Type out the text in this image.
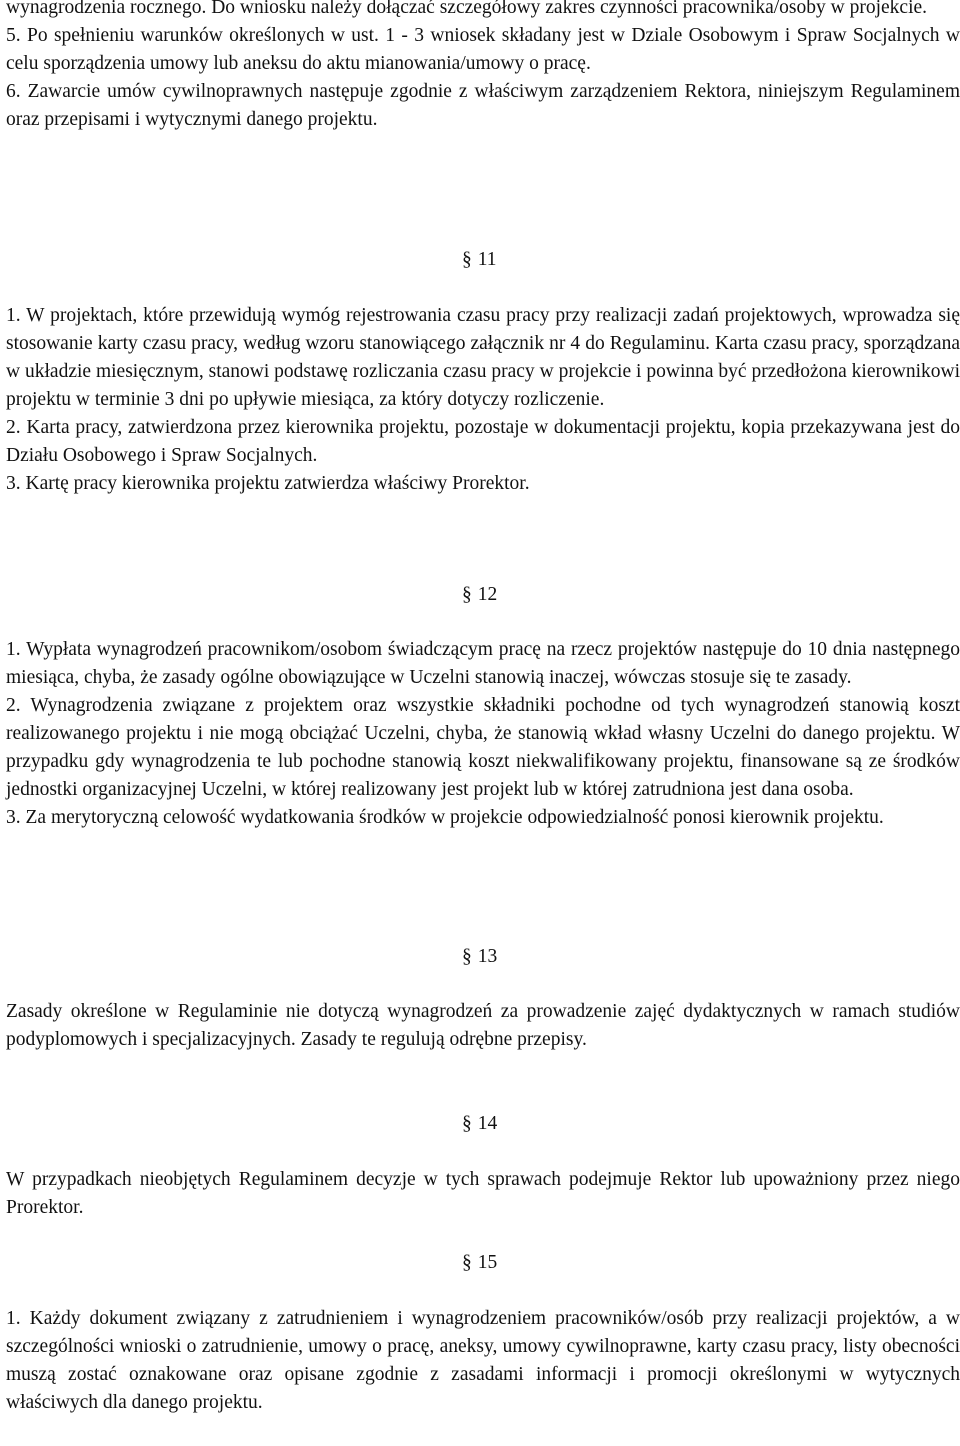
wynagrodzenia rocznego. Do wniosku należy dołączać szczegółowy zakres czynności pracownika/osoby w projekcie.

5. Po spełnieniu warunków określonych w ust. 1 - 3 wniosek składany jest w Dziale Osobowym i Spraw Socjalnych w celu sporządzenia umowy lub aneksu do aktu mianowania/umowy o pracę.

6. Zawarcie umów cywilnoprawnych następuje zgodnie z właściwym zarządzeniem Rektora, niniejszym Regulaminem oraz przepisami i wytycznymi danego projektu.

§ 11

1. W projektach, które przewidują wymóg rejestrowania czasu pracy przy realizacji zadań projektowych, wprowadza się stosowanie karty czasu pracy, według wzoru stanowiącego załącznik nr 4 do Regulaminu. Karta czasu pracy, sporządzana w układzie miesięcznym, stanowi podstawę rozliczania czasu pracy w projekcie i powinna być przedłożona kierownikowi projektu w terminie 3 dni po upływie miesiąca, za który dotyczy rozliczenie.

2. Karta pracy, zatwierdzona przez kierownika projektu, pozostaje w dokumentacji projektu, kopia przekazywana jest do Działu Osobowego i Spraw Socjalnych.

3. Kartę pracy kierownika projektu zatwierdza właściwy Prorektor.

§ 12

1. Wypłata wynagrodzeń pracownikom/osobom świadczącym pracę na rzecz projektów następuje do 10 dnia następnego miesiąca, chyba, że zasady ogólne obowiązujące w Uczelni stanowią inaczej, wówczas stosuje się te zasady.

2. Wynagrodzenia związane z projektem oraz wszystkie składniki pochodne od tych wynagrodzeń stanowią koszt realizowanego projektu i nie mogą obciążać Uczelni, chyba, że stanowią wkład własny Uczelni do danego projektu. W przypadku gdy wynagrodzenia te lub pochodne stanowią koszt niekwalifikowany projektu, finansowane są ze środków jednostki organizacyjnej Uczelni, w której realizowany jest projekt lub w której zatrudniona jest dana osoba.

3. Za merytoryczną celowość wydatkowania środków w projekcie odpowiedzialność ponosi kierownik projektu.

§ 13

Zasady określone w Regulaminie nie dotyczą wynagrodzeń za prowadzenie zajęć dydaktycznych w ramach studiów podyplomowych i specjalizacyjnych. Zasady te regulują odrębne przepisy.

§ 14

W przypadkach nieobjętych Regulaminem decyzje w tych sprawach podejmuje Rektor lub upoważniony przez niego Prorektor.

§ 15

1. Każdy dokument związany z zatrudnieniem i wynagrodzeniem pracowników/osób przy realizacji projektów, a w szczególności wnioski o zatrudnienie, umowy o pracę, aneksy, umowy cywilnoprawne, karty czasu pracy, listy obecności muszą zostać oznakowane oraz opisane zgodnie z zasadami informacji i promocji określonymi w wytycznych właściwych dla danego projektu.
